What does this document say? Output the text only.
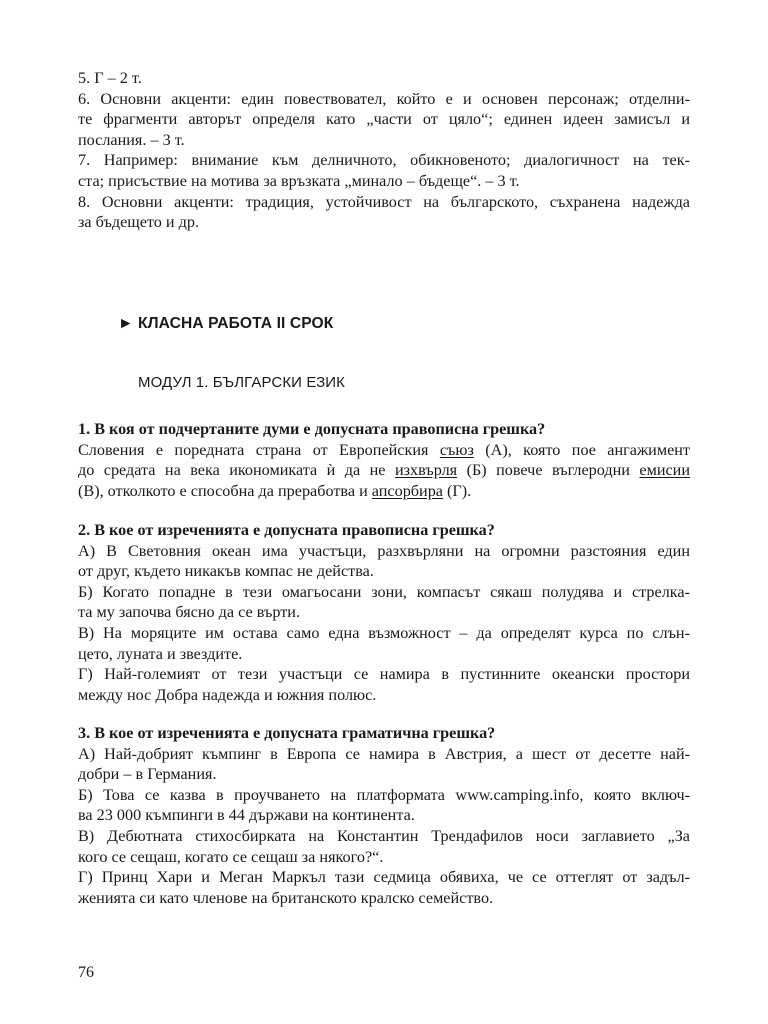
5. Г – 2 т.
6. Основни акценти: един повествовател, който е и основен персонаж; отделни-
те фрагменти авторът определя като „части от цяло“; единен идеен замисъл и
послания. – 3 т.
7. Например: внимание към делничното, обикновеното; диалогичност на тек-
ста; присъствие на мотива за връзката „минало – бъдеще“. – 3 т.
8. Основни акценти: традиция, устойчивост на българското, съхранена надежда
за бъдещето и др.
► КЛАСНА РАБОТА II СРОК
МОДУЛ 1. БЪЛГАРСКИ ЕЗИК
1. В коя от подчертаните думи е допусната правописна грешка?
Словения е поредната страна от Европейския съюз (А), която пое ангажимент
до средата на века икономиката ѝ да не изхвърля (Б) повече въглеродни емисии
(В), отколкото е способна да преработва и апсорбира (Г).
2. В кое от изреченията е допусната правописна грешка?
А) В Световния океан има участъци, разхвърляни на огромни разстояния един
от друг, където никакъв компас не действа.
Б) Когато попадне в тези омагьосани зони, компасът сякаш полудява и стрелка-
та му започва бясно да се върти.
В) На моряците им остава само една възможност – да определят курса по слън-
цето, луната и звездите.
Г) Най-големият от тези участъци се намира в пустинните океански простори
между нос Добра надежда и южния полюс.
3. В кое от изреченията е допусната граматична грешка?
А) Най-добрият къмпинг в Европа се намира в Австрия, а шест от десетте най-
добри – в Германия.
Б) Това се казва в проучването на платформата www.camping.info, която включ-
ва 23 000 къмпинги в 44 държави на континента.
В) Дебютната стихосбирката на Константин Трендафилов носи заглавието „За
кого се сещаш, когато се сещаш за някого?“.
Г) Принц Хари и Меган Маркъл тази седмица обявиха, че се оттеглят от задъл-
женията си като членове на британското кралско семейство.
76
